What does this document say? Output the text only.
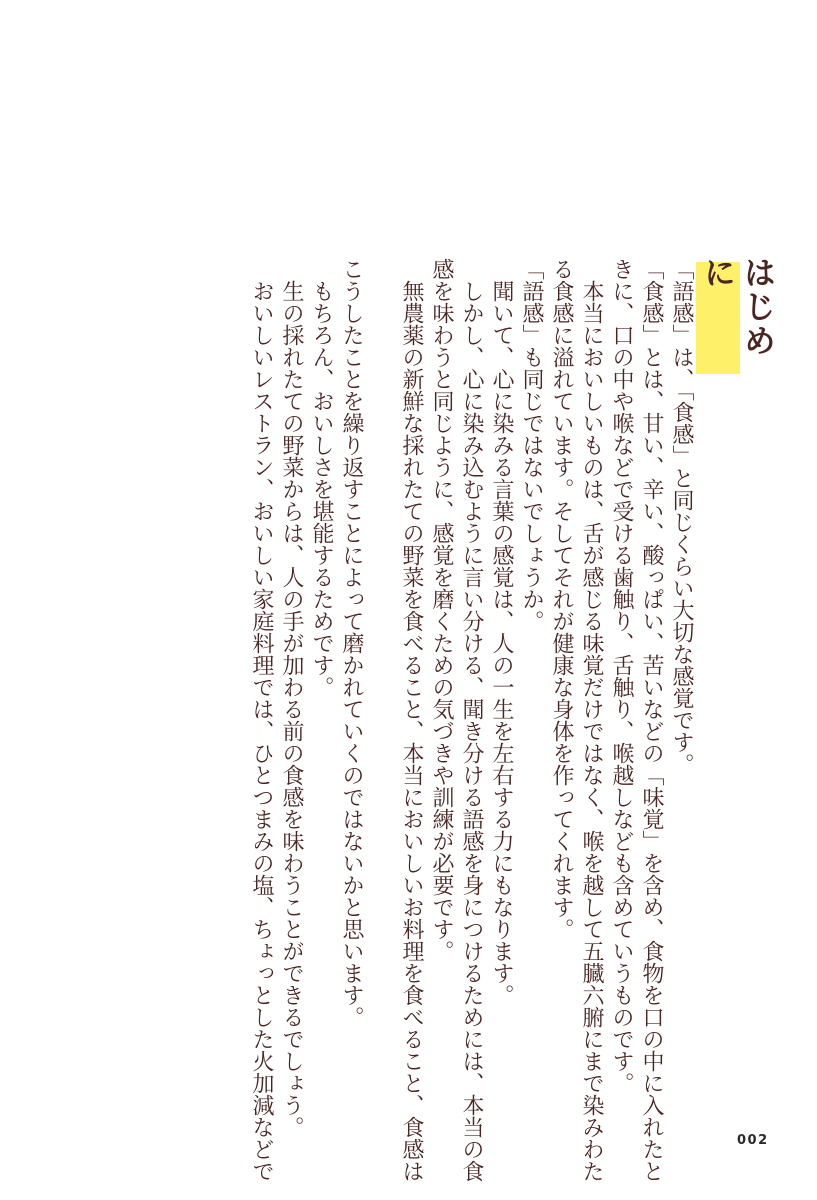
はじめに

「語感」は、「食感」と同じくらい大切な感覚です。

「食感」とは、甘い、辛い、酸っぱい、苦いなどの「味覚」を含め、食物を口の中に入れたと

きに、口の中や喉などで受ける歯触り、舌触り、喉越しなども含めていうものです。

　本当においしいものは、舌が感じる味覚だけではなく、喉を越して五臓六腑にまで染みわた

る食感に溢れています。そしてそれが健康な身体を作ってくれます。

「語感」も同じではないでしょうか。

　聞いて、心に染みる言葉の感覚は、人の一生を左右する力にもなります。

　しかし、心に染み込むように言い分ける、聞き分ける語感を身につけるためには、本当の食

感を味わうと同じように、感覚を磨くための気づきや訓練が必要です。

　無農薬の新鮮な採れたての野菜を食べること、本当においしいお料理を食べること、食感は

こうしたことを繰り返すことによって磨かれていくのではないかと思います。

　もちろん、おいしさを堪能するためです。

　生の採れたての野菜からは、人の手が加わる前の食感を味わうことができるでしょう。

　おいしいレストラン、おいしい家庭料理では、ひとつまみの塩、ちょっとした火加減などで	002
